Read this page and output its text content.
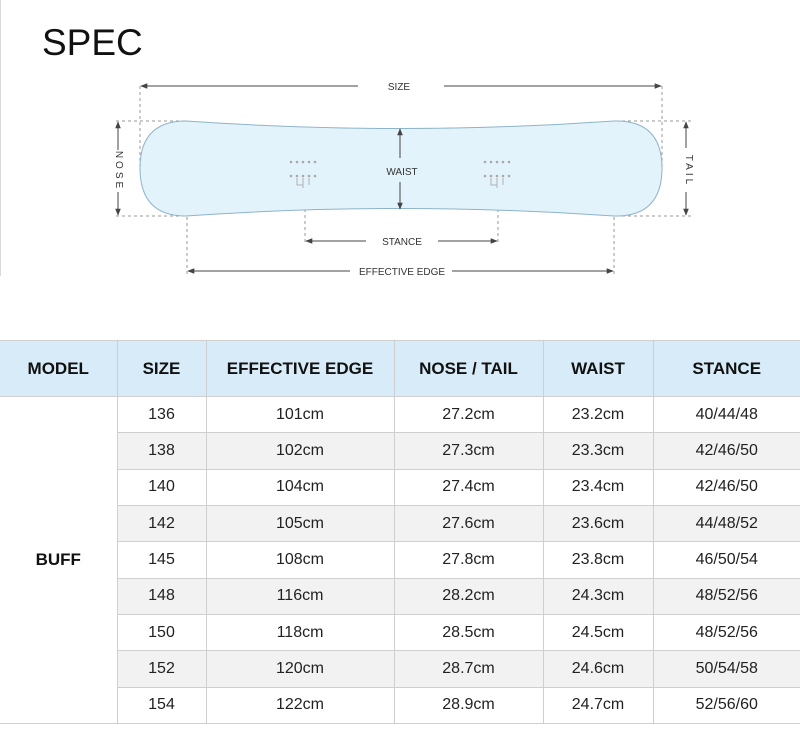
SPEC
SIZE
WAIST
STANCE
EFFECTIVE EDGE
NOSE	TAIL
MODEL	SIZE	EFFECTIVE EDGE	NOSE / TAIL	WAIST	STANCE
BUFF	136	101cm	27.2cm	23.2cm	40/44/48
	138	102cm	27.3cm	23.3cm	42/46/50
	140	104cm	27.4cm	23.4cm	42/46/50
	142	105cm	27.6cm	23.6cm	44/48/52
	145	108cm	27.8cm	23.8cm	46/50/54
	148	116cm	28.2cm	24.3cm	48/52/56
	150	118cm	28.5cm	24.5cm	48/52/56
	152	120cm	28.7cm	24.6cm	50/54/58
	154	122cm	28.9cm	24.7cm	52/56/60
